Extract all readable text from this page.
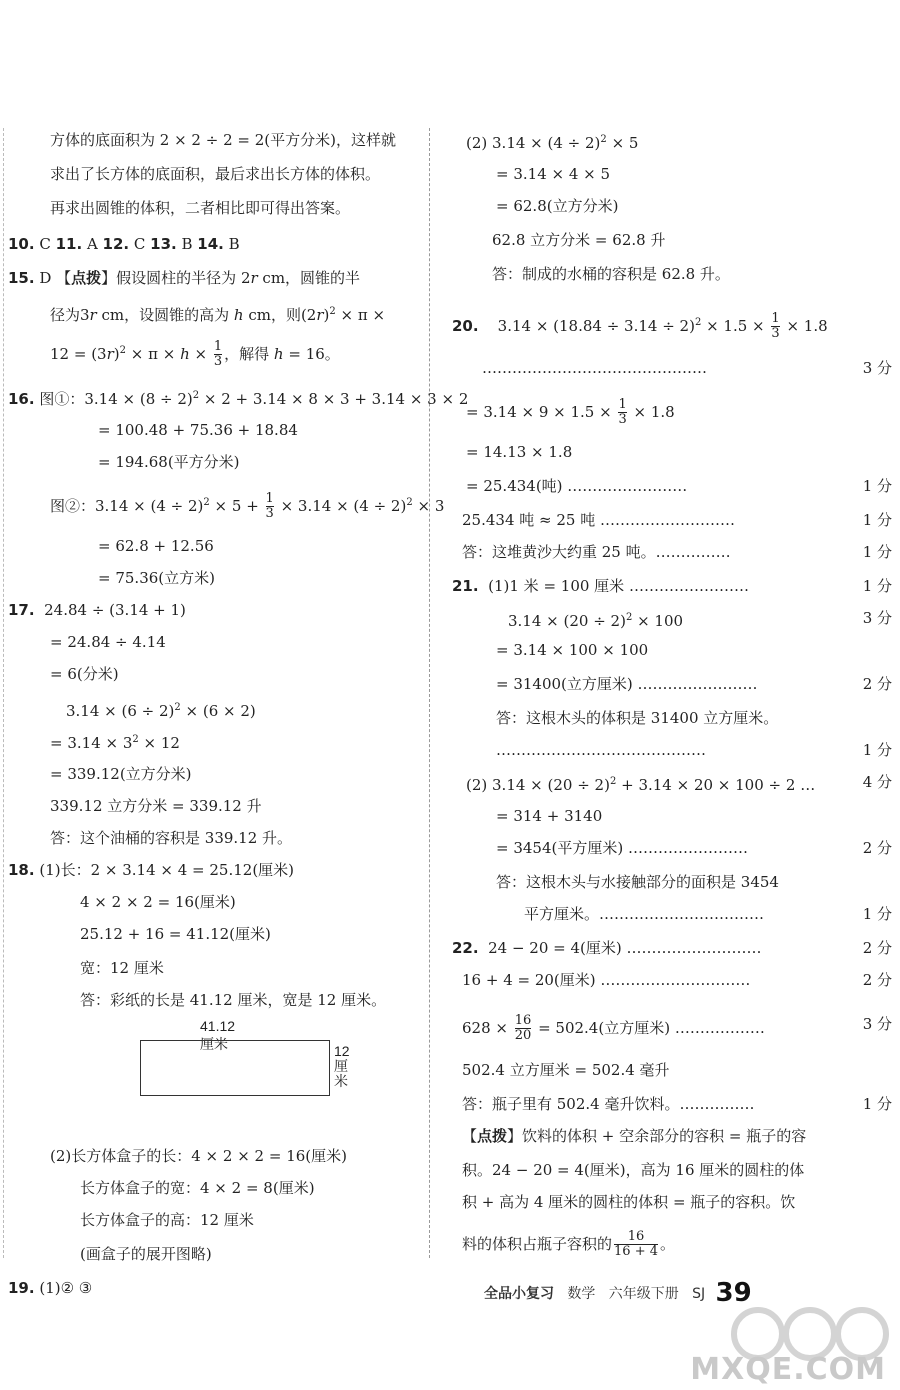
方体的底面积为 2 × 2 ÷ 2 = 2(平方分米)，这样就
求出了长方体的底面积，最后求出长方体的体积。
再求出圆锥的体积，二者相比即可得出答案。
10. C 11. A 12. C 13. B 14. B
15. D 【点拨】假设圆柱的半径为 2r cm，圆锥的半
径为3r cm，设圆锥的高为 h cm，则$(2r)^2 \times \pi$ ×
$12 = (3r)^2 \times \pi \times h \times \frac{1}{3}$ ，解得 h = 16。
16. 图①：$3.14 \times (8 \div 2)^2 \times 2 + 3.14 \times 8 \times 3 + 3.14 \times 3 \times 2$
= 100.48 + 75.36 + 18.84
= 194.68(平方分米)
图②：$3.14 \times (4 \div 2)^2 \times 5 + \frac{1}{3} \times 3.14 \times (4 \div 2)^2 \times 3$
= 62.8 + 12.56
= 75.36(立方米)
17.  24.84 ÷ (3.14 + 1)
= 24.84 ÷ 4.14
= 6(分米)
$3.14 \times (6 \div 2)^2 \times (6 \times 2)$
= $3.14 \times 3^2 \times 12$
= 339.12(立方分米)
339.12 立方分米 = 339.12 升
答：这个油桶的容积是 339.12 升。
18. (1)长：2 × 3.14 × 4 = 25.12(厘米)
4 × 2 × 2 = 16(厘米)
25.12 + 16 = 41.12(厘米)
宽：12 厘米
答：彩纸的长是 41.12 厘米，宽是 12 厘米。
(2)长方体盒子的长：4 × 2 × 2 = 16(厘米)
长方体盒子的宽：4 × 2 = 8(厘米)
长方体盒子的高：12 厘米
(画盒子的展开图略)
19. (1)② ③
(2) $3.14 \times (4 \div 2)^2 \times 5$
= 3.14 × 4 × 5
= 62.8(立方分米)
62.8 立方分米 = 62.8 升
答：制成的水桶的容积是 62.8 升。
20.    $3.14 \times (18.84 \div 3.14 \div 2)^2 \times 1.5 \times \frac{1}{3} \times 1.8$
………………………………………	3 分
= $3.14 \times 9 \times 1.5 \times \frac{1}{3} \times 1.8$
= 14.13 × 1.8
= 25.434(吨) ……………………	1 分
25.434 吨 ≈ 25 吨 ………………………	1 分
答：这堆黄沙大约重 25 吨。……………	1 分
21.  (1)1 米 = 100 厘米 ……………………	1 分
$3.14 \times (20 \div 2)^2 \times 100$	3 分
= 3.14 × 100 × 100
= 31400(立方厘米) ……………………	2 分
答：这根木头的体积是 31400 立方厘米。
……………………………………	1 分
(2) $3.14 \times (20 \div 2)^2 + 3.14 \times 20 \times 100 \div 2$ …	4 分
= 314 + 3140
= 3454(平方厘米) ……………………	2 分
答：这根木头与水接触部分的面积是 3454
平方厘米。……………………………	1 分
22.  24 − 20 = 4(厘米) ………………………	2 分
16 + 4 = 20(厘米) …………………………	2 分
$628 \times \frac{16}{20} = 502.4$(立方厘米) ………………	3 分
502.4 立方厘米 = 502.4 毫升
答：瓶子里有 502.4 毫升饮料。……………	1 分
【点拨】饮料的体积 + 空余部分的容积 = 瓶子的容
积。24 − 20 = 4(厘米)，高为 16 厘米的圆柱的体
积 + 高为 4 厘米的圆柱的体积 = 瓶子的容积。饮
料的体积占瓶子容积的 $\frac{16}{16 + 4}$ 。
41.12厘米	12厘米
全品小复习 数学 六年级下册 SJ 39
MXQE.COM
